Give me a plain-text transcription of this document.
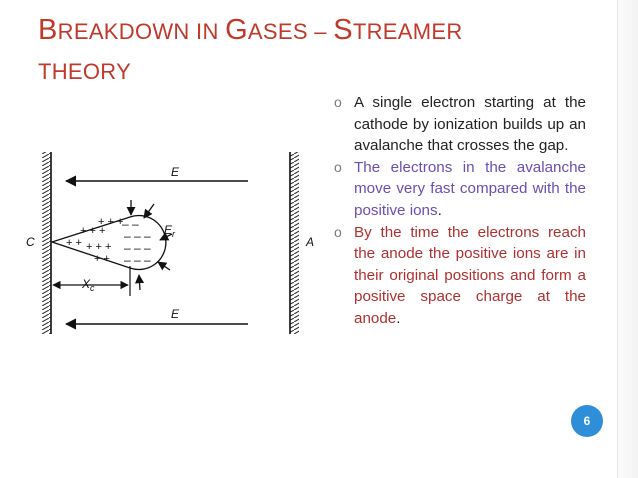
BREAKDOWN IN GASES – STREAMER
THEORY
E
E
+ +
+ + +
+ + +
+ + +
+ +
– –
– – –
– – –
– – –
$E_r$
$X_c$
C	A
o A single electron starting at the cathode by ionization builds up an avalanche that crosses the gap.
o The electrons in the avalanche move very fast compared with the positive ions.
o By the time the electrons reach the anode the positive ions are in their original positions and form a positive space charge at the anode.
6
